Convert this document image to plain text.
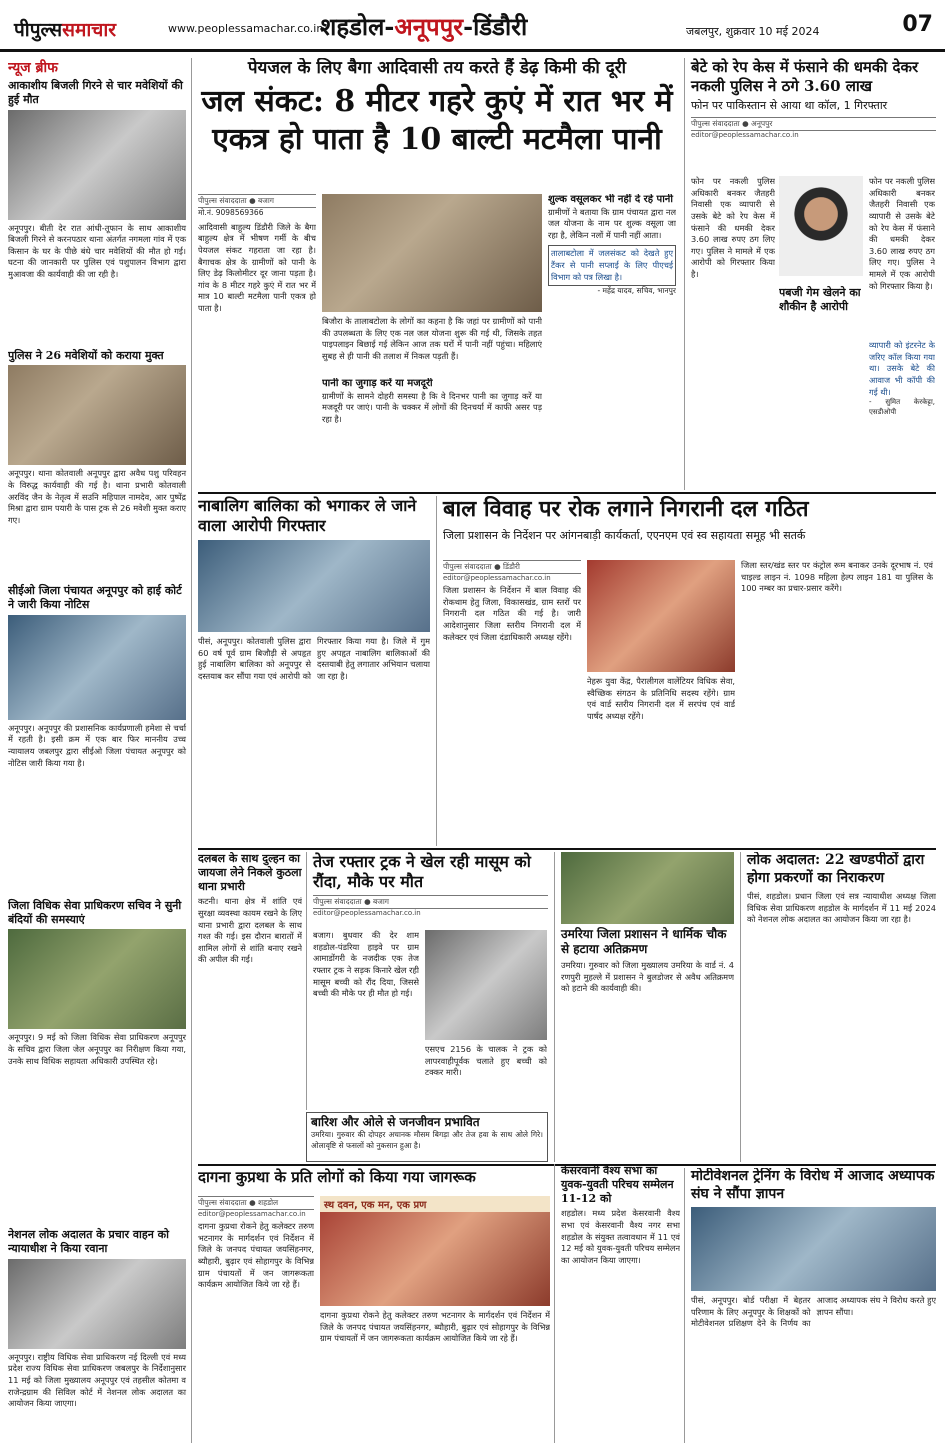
पीपुल्ससमाचार	www.peoplessamachar.co.in
शहडोल-अनूपपुर-डिंडौरी	जबलपुर, शुक्रवार 10 मई 2024	07
न्यूज ब्रीफ
आकाशीय बिजली गिरने से चार मवेशियों की हुई मौत
अनूपपुर। बीती देर रात आंधी-तूफान के साथ आकाशीय बिजली गिरने से करनपठार थाना अंतर्गत नगमला गांव में एक किसान के घर के पीछे बंधे चार मवेशियों की मौत हो गई। घटना की जानकारी पर पुलिस एवं पशुपालन विभाग द्वारा मुआवजा की कार्यवाही की जा रही है।
पुलिस ने 26 मवेशियों को कराया मुक्त
अनूपपुर। थाना कोतवाली अनूपपुर द्वारा अवैध पशु परिवहन के विरुद्ध कार्यवाही की गई है। थाना प्रभारी कोतवाली अरविंद जैन के नेतृत्व में सउनि महिपाल नामदेव, आर पुष्पेंद्र मिश्रा द्वारा ग्राम पयारी के पास ट्रक से 26 मवेशी मुक्त कराए गए।
सीईओ जिला पंचायत अनूपपुर को हाई कोर्ट ने जारी किया नोटिस
अनूपपुर। अनूपपुर की प्रशासनिक कार्यप्रणाली हमेशा से चर्चा में रहती है। इसी क्रम में एक बार फिर माननीय उच्च न्यायालय जबलपुर द्वारा सीईओ जिला पंचायत अनूपपुर को नोटिस जारी किया गया है।
जिला विधिक सेवा प्राधिकरण सचिव ने सुनी बंदियों की समस्याएं
अनूपपुर। 9 मई को जिला विधिक सेवा प्राधिकरण अनूपपुर के सचिव द्वारा जिला जेल अनूपपुर का निरीक्षण किया गया, उनके साथ विधिक सहायता अधिकारी उपस्थित रहे।
नेशनल लोक अदालत के प्रचार वाहन को न्यायाधीश ने किया रवाना
अनूपपुर। राष्ट्रीय विधिक सेवा प्राधिकरण नई दिल्ली एवं मध्य प्रदेश राज्य विधिक सेवा प्राधिकरण जबलपुर के निर्देशानुसार 11 मई को जिला मुख्यालय अनूपपुर एवं तहसील कोतमा व राजेन्द्रग्राम की सिविल कोर्ट में नेशनल लोक अदालत का आयोजन किया जाएगा।
पेयजल के लिए बैगा आदिवासी तय करते हैं डेढ़ किमी की दूरी
जल संकट: 8 मीटर गहरे कुएं में रात भर में एकत्र हो पाता है 10 बाल्टी मटमैला पानी
पीपुल्स संवाददाता ● बजाग
मो.नं. 9098569366
आदिवासी बाहुल्य डिंडौरी जिले के बैगा बाहुल्य क्षेत्र में भीषण गर्मी के बीच पेयजल संकट गहराता जा रहा है। बैगाचक क्षेत्र के ग्रामीणों को पानी के लिए डेढ़ किलोमीटर दूर जाना पड़ता है। गांव के 8 मीटर गहरे कुएं में रात भर में मात्र 10 बाल्टी मटमैला पानी एकत्र हो पाता है।
बिजौरा के तालाबटोला के लोगों का कहना है कि जहां पर ग्रामीणों को पानी की उपलब्धता के लिए एक नल जल योजना शुरू की गई थी, जिसके तहत पाइपलाइन बिछाई गई लेकिन आज तक घरों में पानी नहीं पहुंचा। महिलाएं सुबह से ही पानी की तलाश में निकल पड़ती हैं।
पानी का जुगाड़ करें या मजदूरी
ग्रामीणों के सामने दोहरी समस्या है कि वे दिनभर पानी का जुगाड़ करें या मजदूरी पर जाएं। पानी के चक्कर में लोगों की दिनचर्या में काफी असर पड़ रहा है।
शुल्क वसूलकर भी नहीं दे रहे पानी
ग्रामीणों ने बताया कि ग्राम पंचायत द्वारा नल जल योजना के नाम पर शुल्क वसूला जा रहा है, लेकिन नलों में पानी नहीं आता।
तालाबटोला में जलसंकट को देखते हुए टैंकर से पानी सप्लाई के लिए पीएचई विभाग को पत्र लिखा है।
- महेंद्र यादव, सचिव, भानपुर
बेटे को रेप केस में फंसाने की धमकी देकर नकली पुलिस ने ठगे 3.60 लाख
फोन पर पाकिस्तान से आया था कॉल, 1 गिरफ्तार
पीपुल्स संवाददाता ● अनूपपुर
editor@peoplessamachar.co.in
फोन पर नकली पुलिस अधिकारी बनकर जैतहरी निवासी एक व्यापारी से उसके बेटे को रेप केस में फंसाने की धमकी देकर 3.60 लाख रुपए ठग लिए गए। पुलिस ने मामले में एक आरोपी को गिरफ्तार किया है।
पबजी गेम खेलने का शौकीन है आरोपी
फोन पर नकली पुलिस अधिकारी बनकर जैतहरी निवासी एक व्यापारी से उसके बेटे को रेप केस में फंसाने की धमकी देकर 3.60 लाख रुपए ठग लिए गए। पुलिस ने मामले में एक आरोपी को गिरफ्तार किया है।
व्यापारी को इंटरनेट के जरिए कॉल किया गया था। उसके बेटे की आवाज भी कॉपी की गई थी।
- सुमित केरकेट्टा, एसडीओपी
नाबालिग बालिका को भगाकर ले जाने वाला आरोपी गिरफ्तार
पीसं, अनूपपुर। कोतवाली पुलिस द्वारा 60 वर्ष पूर्व ग्राम बिजौड़ी से अपहृत हुई नाबालिग बालिका को अनूपपुर से दस्तयाब कर सौंपा गया एवं आरोपी को गिरफ्तार किया गया है। जिले में गुम हुए अपहृत नाबालिग बालिकाओं की दस्तयाबी हेतु लगातार अभियान चलाया जा रहा है।
बाल विवाह पर रोक लगाने निगरानी दल गठित
जिला प्रशासन के निर्देशन पर आंगनबाड़ी कार्यकर्ता, एएनएम एवं स्व सहायता समूह भी सतर्क
पीपुल्स संवाददाता ● डिंडौरी
editor@peoplessamachar.co.in
जिला प्रशासन के निर्देशन में बाल विवाह की रोकथाम हेतु जिला, विकासखंड, ग्राम स्तरों पर निगरानी दल गठित की गई है। जारी आदेशानुसार जिला स्तरीय निगरानी दल में कलेक्टर एवं जिला दंडाधिकारी अध्यक्ष रहेंगे।
नेहरू युवा केंद्र, पैरालीगल वालेंटियर विधिक सेवा, स्वैच्छिक संगठन के प्रतिनिधि सदस्य रहेंगे। ग्राम एवं वार्ड स्तरीय निगरानी दल में सरपंच एवं वार्ड पार्षद अध्यक्ष रहेंगे।
जिला स्तर/खंड स्तर पर कंट्रोल रूम बनाकर उनके दूरभाष नं. एवं चाइल्ड लाइन नं. 1098 महिला हेल्प लाइन 181 या पुलिस के 100 नम्बर का प्रचार-प्रसार करेंगे।
दलबल के साथ दुल्हन का जायजा लेने निकले कुठला थाना प्रभारी
कटनी। थाना क्षेत्र में शांति एवं सुरक्षा व्यवस्था कायम रखने के लिए थाना प्रभारी द्वारा दलबल के साथ गश्त की गई। इस दौरान बारातों में शामिल लोगों से शांति बनाए रखने की अपील की गई।
तेज रफ्तार ट्रक ने खेल रही मासूम को रौंदा, मौके पर मौत
पीपुल्स संवाददाता ● बजाग
editor@peoplessamachar.co.in
बजाग। बुधवार की देर शाम शहडोल-पंडरिया हाइवे पर ग्राम आमाडोंगरी के नजदीक एक तेज रफ्तार ट्रक ने सड़क किनारे खेल रही मासूम बच्ची को रौंद दिया, जिससे बच्ची की मौके पर ही मौत हो गई।
एसएच 2156 के चालक ने ट्रक को लापरवाहीपूर्वक चलाते हुए बच्ची को टक्कर मारी।
बारिश और ओले से जनजीवन प्रभावित
उमरिया। गुरुवार की दोपहर अचानक मौसम बिगड़ा और तेज हवा के साथ ओले गिरे। ओलावृष्टि से फसलों को नुकसान हुआ है।
उमरिया जिला प्रशासन ने धार्मिक चौक से हटाया अतिक्रमण
उमरिया। गुरुवार को जिला मुख्यालय उमरिया के वार्ड नं. 4 रणपुरी मुहल्ले में प्रशासन ने बुलडोजर से अवैध अतिक्रमण को हटाने की कार्यवाही की।
लोक अदालत: 22 खण्डपीठों द्वारा होगा प्रकरणों का निराकरण
पीसं, शहडोल। प्रधान जिला एवं सत्र न्यायाधीश अध्यक्ष जिला विधिक सेवा प्राधिकरण शहडोल के मार्गदर्शन में 11 मई 2024 को नेशनल लोक अदालत का आयोजन किया जा रहा है।
दागना कुप्रथा के प्रति लोगों को किया गया जागरूक
पीपुल्स संवाददाता ● शहडोल
editor@peoplessamachar.co.in
दागना कुप्रथा रोकने हेतु कलेक्टर तरुण भटनागर के मार्गदर्शन एवं निर्देशन में जिले के जनपद पंचायत जयसिंहनगर, ब्यौहारी, बुढ़ार एवं सोहागपुर के विभिन्न ग्राम पंचायतों में जन जागरूकता कार्यक्रम आयोजित किये जा रहे हैं।
स्थ दवन, एक मन, एक प्रण
दागना कुप्रथा रोकने हेतु कलेक्टर तरुण भटनागर के मार्गदर्शन एवं निर्देशन में जिले के जनपद पंचायत जयसिंहनगर, ब्यौहारी, बुढ़ार एवं सोहागपुर के विभिन्न ग्राम पंचायतों में जन जागरूकता कार्यक्रम आयोजित किये जा रहे हैं।
केसरवानी वैश्य सभा का युवक-युवती परिचय सम्मेलन 11-12 को
शहडोल। मध्य प्रदेश केसरवानी वैश्य सभा एवं केसरवानी वैश्य नगर सभा शहडोल के संयुक्त तत्वावधान में 11 एवं 12 मई को युवक-युवती परिचय सम्मेलन का आयोजन किया जाएगा।
मोटीवेशनल ट्रेनिंग के विरोध में आजाद अध्यापक संघ ने सौंपा ज्ञापन
पीसं, अनूपपुर। बोर्ड परीक्षा में बेहतर परिणाम के लिए अनूपपुर के शिक्षकों को मोटीवेशनल प्रशिक्षण देने के निर्णय का आजाद अध्यापक संघ ने विरोध करते हुए ज्ञापन सौंपा।
